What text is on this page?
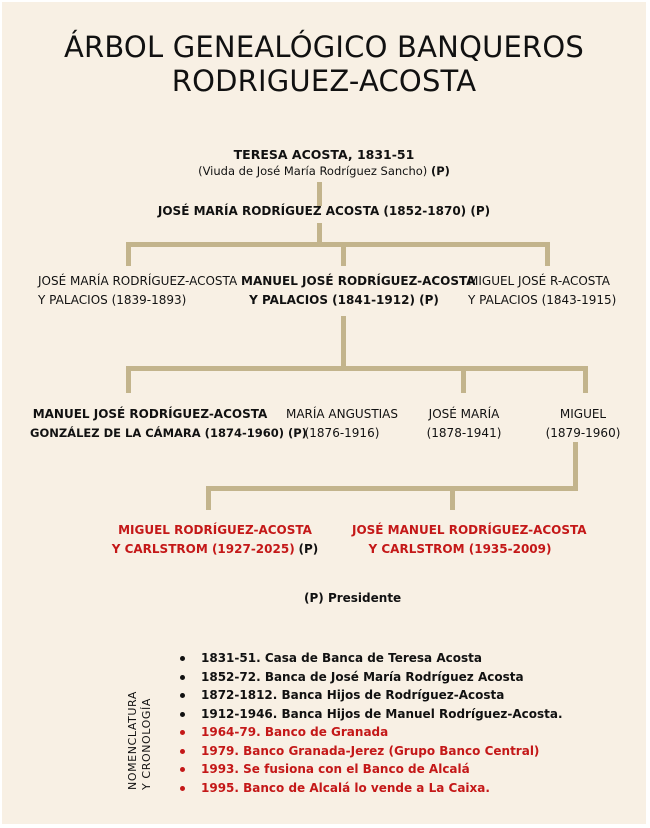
ÁRBOL GENEALÓGICO BANQUEROS
RODRIGUEZ-ACOSTA
TERESA ACOSTA, 1831-51
(Viuda de José María Rodríguez Sancho) (P)
JOSÉ MARÍA RODRÍGUEZ ACOSTA (1852-1870) (P)
JOSÉ MARÍA RODRÍGUEZ-ACOSTA
Y PALACIOS (1839-1893)
MANUEL JOSÉ RODRÍGUEZ-ACOSTA
Y PALACIOS (1841-1912) (P)
MIGUEL JOSÉ R-ACOSTA
Y PALACIOS (1843-1915)
MANUEL JOSÉ RODRÍGUEZ-ACOSTA
GONZÁLEZ DE LA CÁMARA (1874-1960) (P)
MARÍA ANGUSTIAS
(1876-1916)
JOSÉ MARÍA
(1878-1941)
MIGUEL
(1879-1960)
MIGUEL RODRÍGUEZ-ACOSTA
Y CARLSTROM (1927-2025) (P)
JOSÉ MANUEL RODRÍGUEZ-ACOSTA
Y CARLSTROM (1935-2009)
(P) Presidente
NOMENCLATURA Y CRONOLOGÍA
1831-51. Casa de Banca de Teresa Acosta
1852-72. Banca de José María Rodríguez Acosta
1872-1812. Banca Hijos de Rodríguez-Acosta
1912-1946. Banca Hijos de Manuel Rodríguez-Acosta.
1964-79. Banco de Granada
1979. Banco Granada-Jerez (Grupo Banco Central)
1993. Se fusiona con el Banco de Alcalá
1995. Banco de Alcalá lo vende a La Caixa.
